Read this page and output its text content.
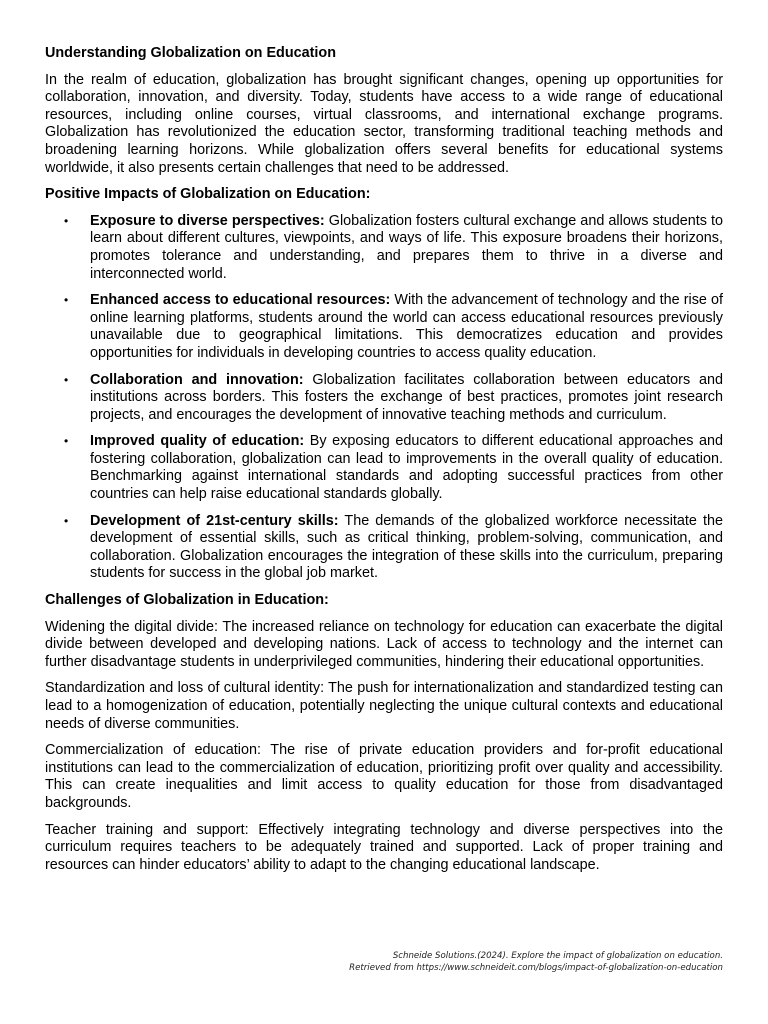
Understanding Globalization on Education
In the realm of education, globalization has brought significant changes, opening up opportunities for collaboration, innovation, and diversity. Today, students have access to a wide range of educational resources, including online courses, virtual classrooms, and international exchange programs. Globalization has revolutionized the education sector, transforming traditional teaching methods and broadening learning horizons. While globalization offers several benefits for educational systems worldwide, it also presents certain challenges that need to be addressed.
Positive Impacts of Globalization on Education:
• Exposure to diverse perspectives: Globalization fosters cultural exchange and allows students to learn about different cultures, viewpoints, and ways of life. This exposure broadens their horizons, promotes tolerance and understanding, and prepares them to thrive in a diverse and interconnected world.
• Enhanced access to educational resources: With the advancement of technology and the rise of online learning platforms, students around the world can access educational resources previously unavailable due to geographical limitations. This democratizes education and provides opportunities for individuals in developing countries to access quality education.
• Collaboration and innovation: Globalization facilitates collaboration between educators and institutions across borders. This fosters the exchange of best practices, promotes joint research projects, and encourages the development of innovative teaching methods and curriculum.
• Improved quality of education: By exposing educators to different educational approaches and fostering collaboration, globalization can lead to improvements in the overall quality of education. Benchmarking against international standards and adopting successful practices from other countries can help raise educational standards globally.
• Development of 21st-century skills: The demands of the globalized workforce necessitate the development of essential skills, such as critical thinking, problem-solving, communication, and collaboration. Globalization encourages the integration of these skills into the curriculum, preparing students for success in the global job market.
Challenges of Globalization in Education:
Widening the digital divide: The increased reliance on technology for education can exacerbate the digital divide between developed and developing nations. Lack of access to technology and the internet can further disadvantage students in underprivileged communities, hindering their educational opportunities.
Standardization and loss of cultural identity: The push for internationalization and standardized testing can lead to a homogenization of education, potentially neglecting the unique cultural contexts and educational needs of diverse communities.
Commercialization of education: The rise of private education providers and for-profit educational institutions can lead to the commercialization of education, prioritizing profit over quality and accessibility. This can create inequalities and limit access to quality education for those from disadvantaged backgrounds.
Teacher training and support: Effectively integrating technology and diverse perspectives into the curriculum requires teachers to be adequately trained and supported. Lack of proper training and resources can hinder educators’ ability to adapt to the changing educational landscape.
Schneide Solutions.(2024). Explore the impact of globalization on education.
Retrieved from https://www.schneideit.com/blogs/impact-of-globalization-on-education
